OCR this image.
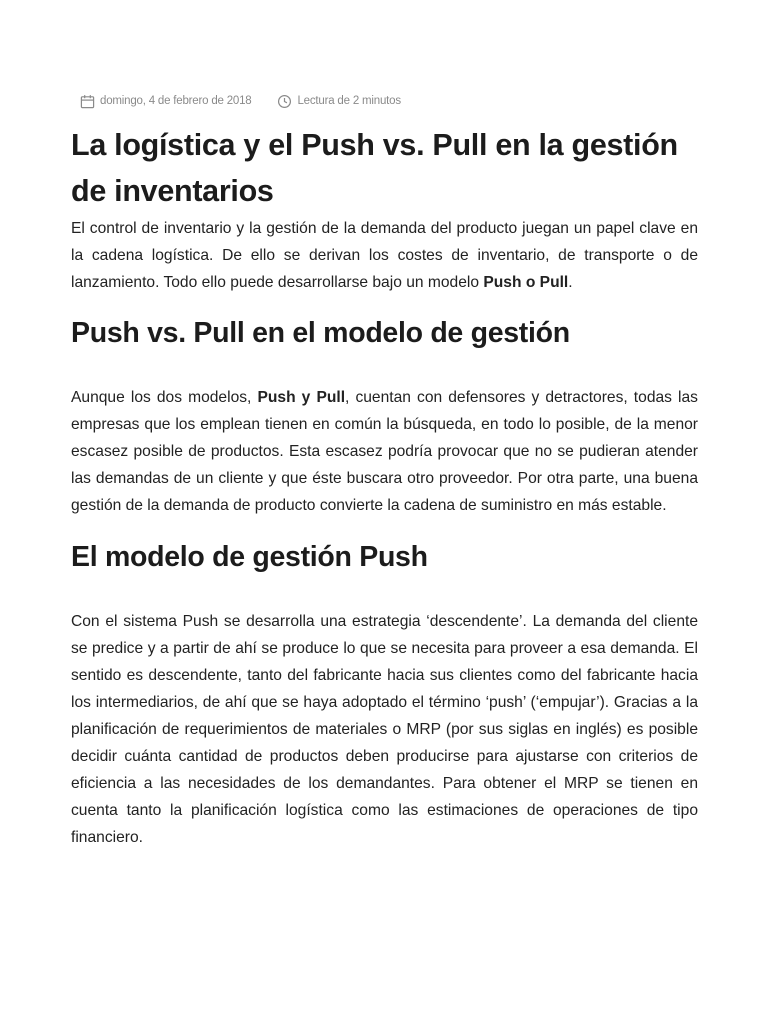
domingo, 4 de febrero de 2018	Lectura de 2 minutos
La logística y el Push vs. Pull en la gestión de inventarios

El control de inventario y la gestión de la demanda del producto juegan un papel clave en la cadena logística. De ello se derivan los costes de inventario, de transporte o de lanzamiento. Todo ello puede desarrollarse bajo un modelo Push o Pull.

Push vs. Pull en el modelo de gestión

Aunque los dos modelos, Push y Pull, cuentan con defensores y detractores, todas las empresas que los emplean tienen en común la búsqueda, en todo lo posible, de la menor escasez posible de productos. Esta escasez podría provocar que no se pudieran atender las demandas de un cliente y que éste buscara otro proveedor. Por otra parte, una buena gestión de la demanda de producto convierte la cadena de suministro en más estable.

El modelo de gestión Push

Con el sistema Push se desarrolla una estrategia ‘descendente’. La demanda del cliente se predice y a partir de ahí se produce lo que se necesita para proveer a esa demanda. El sentido es descendente, tanto del fabricante hacia sus clientes como del fabricante hacia los intermediarios, de ahí que se haya adoptado el término ‘push’ (‘empujar’). Gracias a la planificación de requerimientos de materiales o MRP (por sus siglas en inglés) es posible decidir cuánta cantidad de productos deben producirse para ajustarse con criterios de eficiencia a las necesidades de los demandantes. Para obtener el MRP se tienen en cuenta tanto la planificación logística como las estimaciones de operaciones de tipo financiero.
